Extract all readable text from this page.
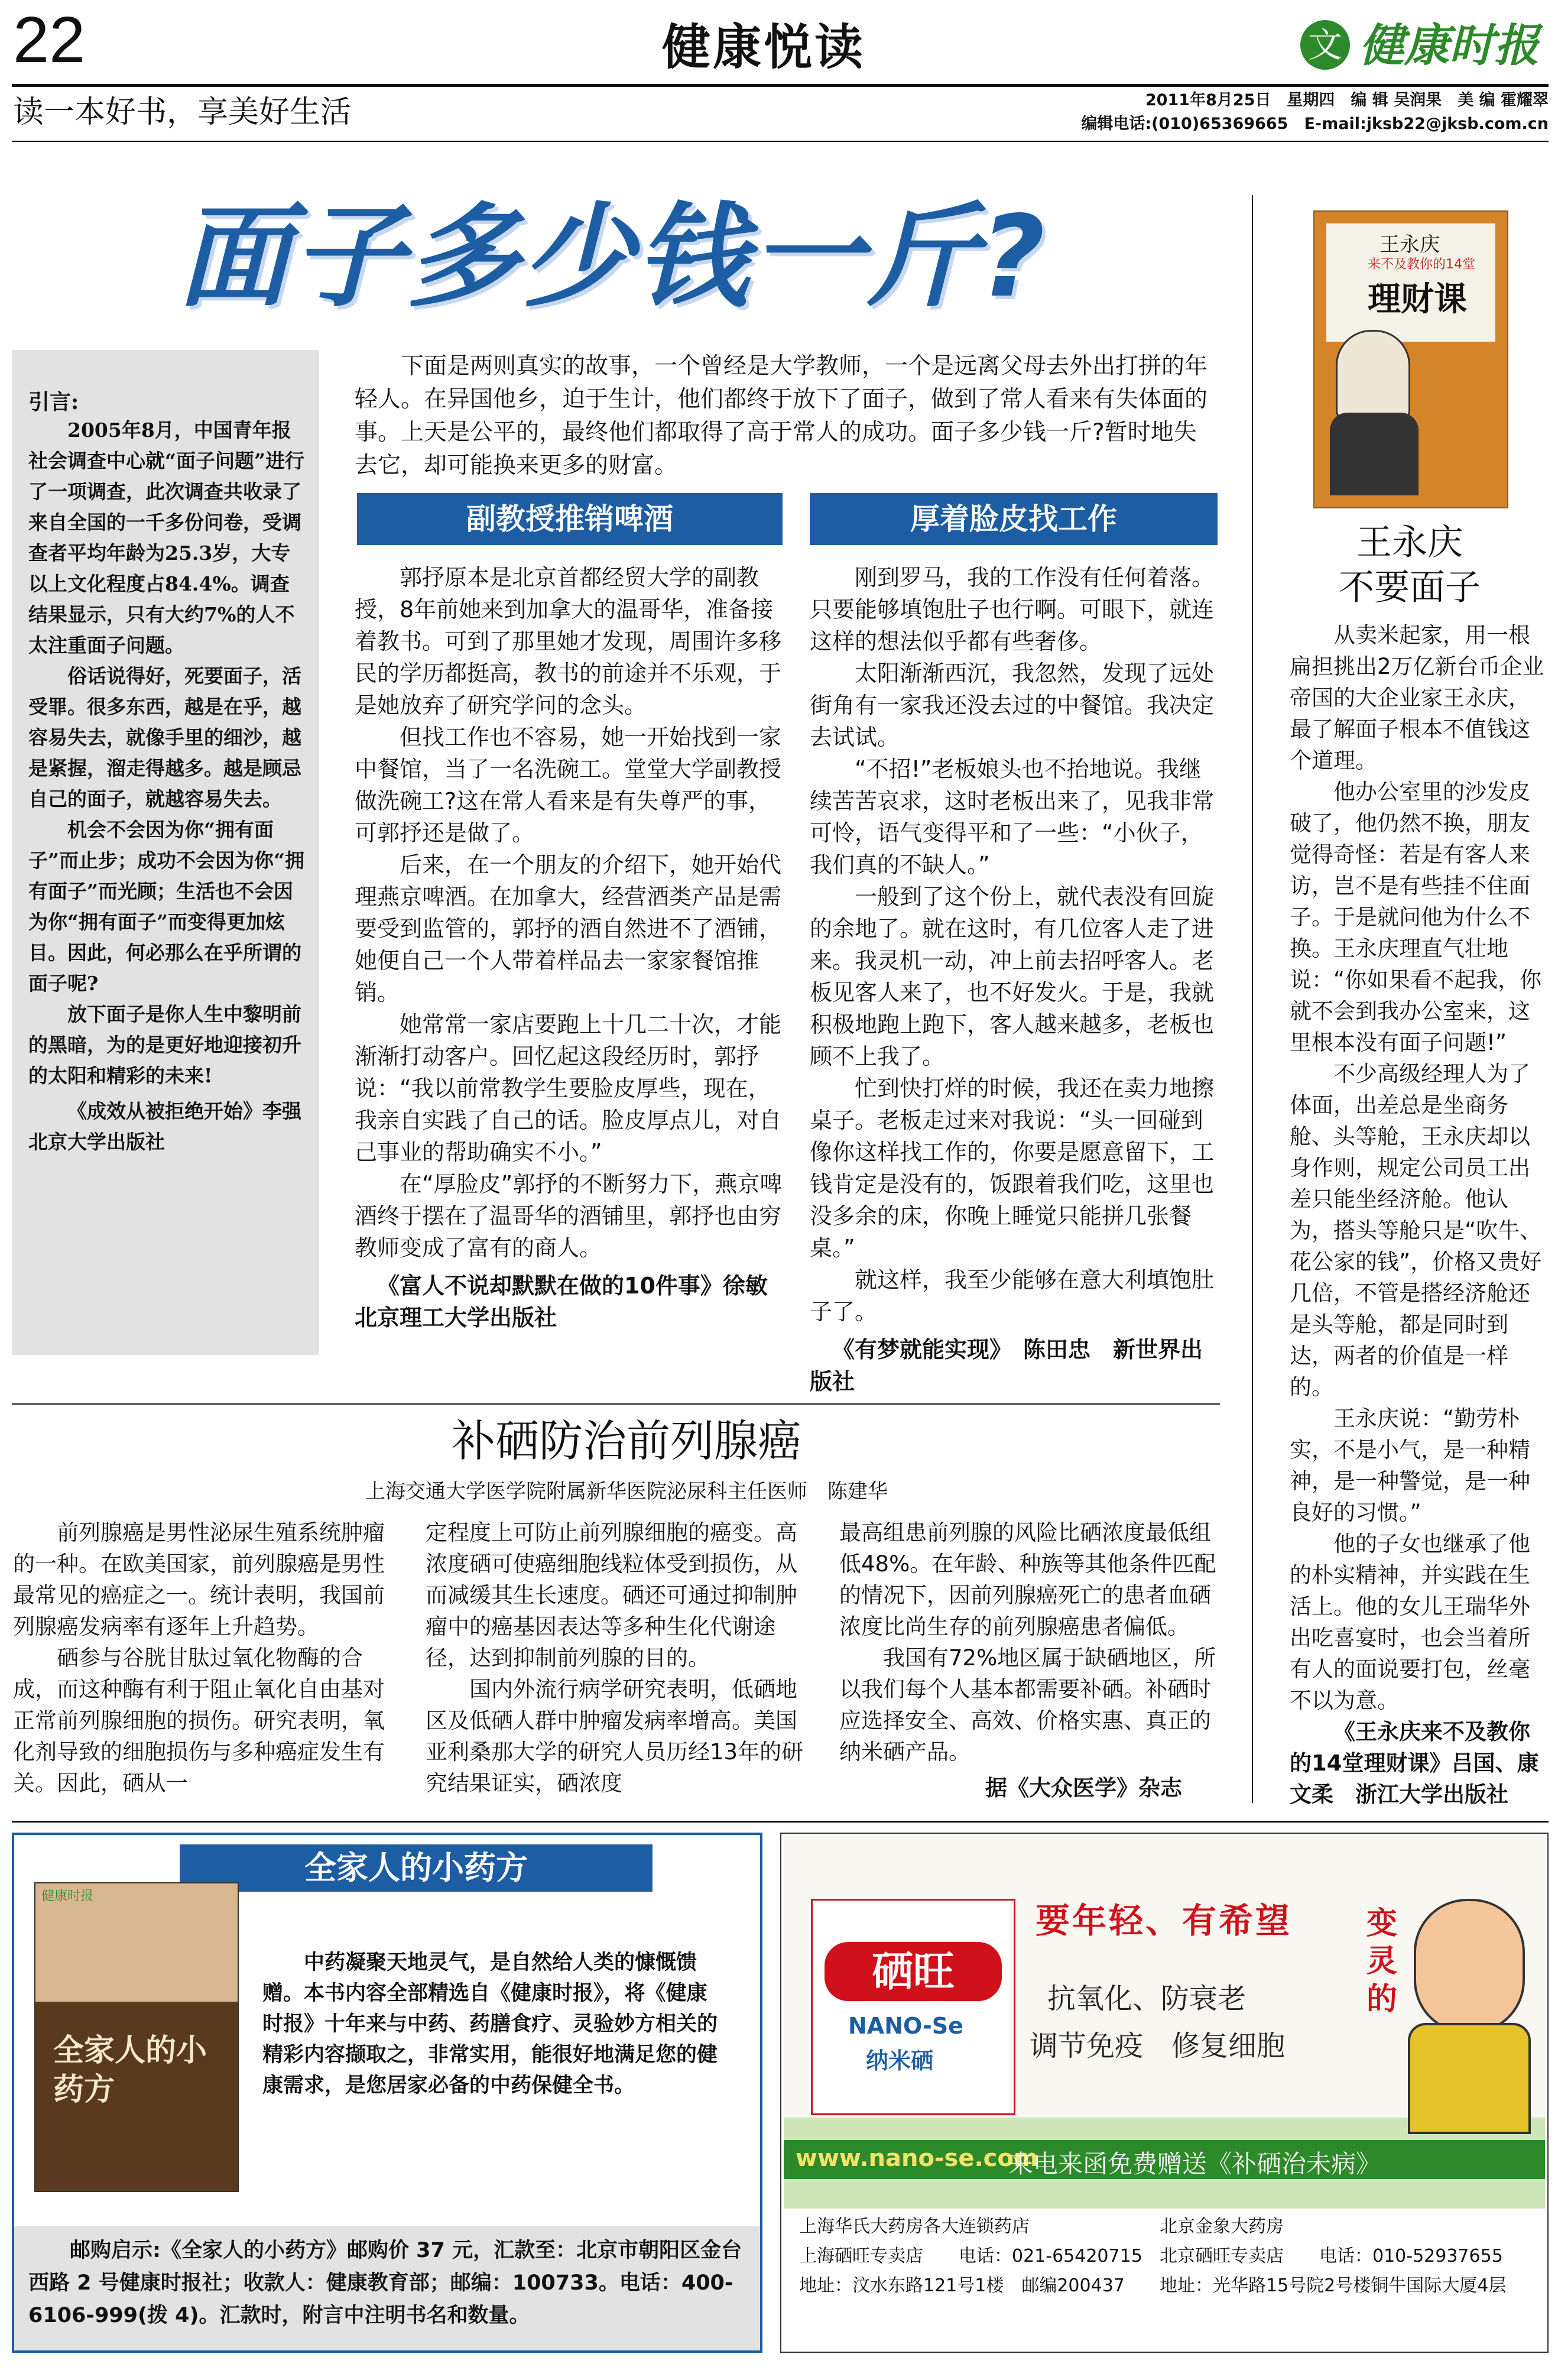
22	健康悦读	文 健康时报
读一本好书，享美好生活	2011年8月25日　星期四　编 辑 吴润果　美 编 霍耀翠
编辑电话:(010)65369665　E-mail:jksb22@jksb.com.cn
面子多少钱一斤?
引言:

2005年8月，中国青年报社会调查中心就“面子问题”进行了一项调查，此次调查共收录了来自全国的一千多份问卷，受调查者平均年龄为25.3岁，大专以上文化程度占84.4%。调查结果显示，只有大约7%的人不太注重面子问题。

俗话说得好，死要面子，活受罪。很多东西，越是在乎，越容易失去，就像手里的细沙，越是紧握，溜走得越多。越是顾忌自己的面子，就越容易失去。

机会不会因为你“拥有面子”而止步；成功不会因为你“拥有面子”而光顾；生活也不会因为你“拥有面子”而变得更加炫目。因此，何必那么在乎所谓的面子呢?

放下面子是你人生中黎明前的黑暗，为的是更好地迎接初升的太阳和精彩的未来!

《成效从被拒绝开始》李强　北京大学出版社

下面是两则真实的故事，一个曾经是大学教师，一个是远离父母去外出打拼的年轻人。在异国他乡，迫于生计，他们都终于放下了面子，做到了常人看来有失体面的事。上天是公平的，最终他们都取得了高于常人的成功。面子多少钱一斤?暂时地失去它，却可能换来更多的财富。

副教授推销啤酒	厚着脸皮找工作

郭抒原本是北京首都经贸大学的副教授，8年前她来到加拿大的温哥华，准备接着教书。可到了那里她才发现，周围许多移民的学历都挺高，教书的前途并不乐观，于是她放弃了研究学问的念头。

但找工作也不容易，她一开始找到一家中餐馆，当了一名洗碗工。堂堂大学副教授做洗碗工?这在常人看来是有失尊严的事，可郭抒还是做了。

后来，在一个朋友的介绍下，她开始代理燕京啤酒。在加拿大，经营酒类产品是需要受到监管的，郭抒的酒自然进不了酒铺，她便自己一个人带着样品去一家家餐馆推销。

她常常一家店要跑上十几二十次，才能渐渐打动客户。回忆起这段经历时，郭抒说：“我以前常教学生要脸皮厚些，现在，我亲自实践了自己的话。脸皮厚点儿，对自己事业的帮助确实不小。”

在“厚脸皮”郭抒的不断努力下，燕京啤酒终于摆在了温哥华的酒铺里，郭抒也由穷教师变成了富有的商人。

《富人不说却默默在做的10件事》徐敏　北京理工大学出版社

刚到罗马，我的工作没有任何着落。只要能够填饱肚子也行啊。可眼下，就连这样的想法似乎都有些奢侈。

太阳渐渐西沉，我忽然，发现了远处街角有一家我还没去过的中餐馆。我决定去试试。

“不招!”老板娘头也不抬地说。我继续苦苦哀求，这时老板出来了，见我非常可怜，语气变得平和了一些：“小伙子，我们真的不缺人。”

一般到了这个份上，就代表没有回旋的余地了。就在这时，有几位客人走了进来。我灵机一动，冲上前去招呼客人。老板见客人来了，也不好发火。于是，我就积极地跑上跑下，客人越来越多，老板也顾不上我了。

忙到快打烊的时候，我还在卖力地擦桌子。老板走过来对我说：“头一回碰到像你这样找工作的，你要是愿意留下，工钱肯定是没有的，饭跟着我们吃，这里也没多余的床，你晚上睡觉只能拼几张餐桌。”

就这样，我至少能够在意大利填饱肚子了。

《有梦就能实现》　陈田忠　新世界出版社

王永庆
来不及教你的14堂
理财课
王永庆
不要面子

从卖米起家，用一根扁担挑出2万亿新台币企业帝国的大企业家王永庆，最了解面子根本不值钱这个道理。

他办公室里的沙发皮破了，他仍然不换，朋友觉得奇怪：若是有客人来访，岂不是有些挂不住面子。于是就问他为什么不换。王永庆理直气壮地说：“你如果看不起我，你就不会到我办公室来，这里根本没有面子问题!”

不少高级经理人为了体面，出差总是坐商务舱、头等舱，王永庆却以身作则，规定公司员工出差只能坐经济舱。他认为，搭头等舱只是“吹牛、花公家的钱”，价格又贵好几倍，不管是搭经济舱还是头等舱，都是同时到达，两者的价值是一样的。

王永庆说：“勤劳朴实，不是小气，是一种精神，是一种警觉，是一种良好的习惯。”

他的子女也继承了他的朴实精神，并实践在生活上。他的女儿王瑞华外出吃喜宴时，也会当着所有人的面说要打包，丝毫不以为意。

《王永庆来不及教你的14堂理财课》吕国、康文柔　浙江大学出版社

补硒防治前列腺癌
上海交通大学医学院附属新华医院泌尿科主任医师　陈建华

前列腺癌是男性泌尿生殖系统肿瘤的一种。在欧美国家，前列腺癌是男性最常见的癌症之一。统计表明，我国前列腺癌发病率有逐年上升趋势。

硒参与谷胱甘肽过氧化物酶的合成，而这种酶有利于阻止氧化自由基对正常前列腺细胞的损伤。研究表明，氧化剂导致的细胞损伤与多种癌症发生有关。因此，硒从一

定程度上可防止前列腺细胞的癌变。高浓度硒可使癌细胞线粒体受到损伤，从而减缓其生长速度。硒还可通过抑制肿瘤中的癌基因表达等多种生化代谢途径，达到抑制前列腺的目的。

国内外流行病学研究表明，低硒地区及低硒人群中肿瘤发病率增高。美国亚利桑那大学的研究人员历经13年的研究结果证实，硒浓度

最高组患前列腺的风险比硒浓度最低组低48%。在年龄、种族等其他条件匹配的情况下，因前列腺癌死亡的患者血硒浓度比尚生存的前列腺癌患者偏低。

我国有72%地区属于缺硒地区，所以我们每个人基本都需要补硒。补硒时应选择安全、高效、价格实惠、真正的纳米硒产品。

据《大众医学》杂志

全家人的小药方
健康时报
全家人的小药方

中药凝聚天地灵气，是自然给人类的慷慨馈赠。本书内容全部精选自《健康时报》，将《健康时报》十年来与中药、药膳食疗、灵验妙方相关的精彩内容撷取之，非常实用，能很好地满足您的健康需求，是您居家必备的中药保健全书。

邮购启示:《全家人的小药方》邮购价 37 元，汇款至：北京市朝阳区金台西路 2 号健康时报社；收款人：健康教育部；邮编：100733。电话：400-6106-999(拨 4)。汇款时，附言中注明书名和数量。
硒旺
NANO-Se
纳米硒
要年轻、有希望 变灵的
抗氧化、防衰老
调节免疫　修复细胞
www.nano-se.com
来电来函免费赠送《补硒治未病》
上海华氏大药房各大连锁药店
上海硒旺专卖店　　电话：021-65420715
地址：汶水东路121号1楼　邮编200437
北京金象大药房
北京硒旺专卖店　　电话：010-52937655
地址：光华路15号院2号楼铜牛国际大厦4层
